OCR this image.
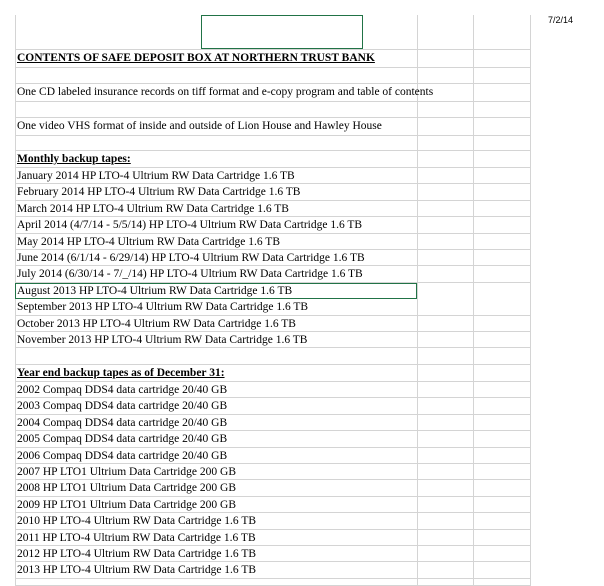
7/2/14
CONTENTS OF SAFE DEPOSIT BOX AT NORTHERN TRUST BANK
One CD labeled insurance records on tiff format and e-copy program and table of contents
One video VHS format of inside and outside of Lion House and Hawley House
Monthly backup tapes:
January 2014 HP LTO-4 Ultrium RW Data Cartridge 1.6 TB
February 2014 HP LTO-4 Ultrium RW Data Cartridge 1.6 TB
March 2014 HP LTO-4 Ultrium RW Data Cartridge 1.6 TB
April 2014 (4/7/14 - 5/5/14) HP LTO-4 Ultrium RW Data Cartridge 1.6 TB
May 2014 HP LTO-4 Ultrium RW Data Cartridge 1.6 TB
June 2014 (6/1/14 - 6/29/14) HP LTO-4 Ultrium RW Data Cartridge 1.6 TB
July 2014 (6/30/14 - 7/_/14) HP LTO-4 Ultrium RW Data Cartridge 1.6 TB
August 2013 HP LTO-4 Ultrium RW Data Cartridge 1.6 TB
September 2013 HP LTO-4 Ultrium RW Data Cartridge 1.6 TB
October 2013 HP LTO-4 Ultrium RW Data Cartridge 1.6 TB
November 2013 HP LTO-4 Ultrium RW Data Cartridge 1.6 TB
Year end backup tapes as of December 31:
2002 Compaq DDS4 data cartridge 20/40 GB
2003 Compaq DDS4 data cartridge 20/40 GB
2004 Compaq DDS4 data cartridge 20/40 GB
2005 Compaq DDS4 data cartridge 20/40 GB
2006 Compaq DDS4 data cartridge 20/40 GB
2007 HP LTO1 Ultrium Data Cartridge 200 GB
2008 HP LTO1 Ultrium Data Cartridge 200 GB
2009 HP LTO1 Ultrium Data Cartridge 200 GB
2010 HP LTO-4 Ultrium RW Data Cartridge 1.6 TB
2011 HP LTO-4 Ultrium RW Data Cartridge 1.6 TB
2012 HP LTO-4 Ultrium RW Data Cartridge 1.6 TB
2013 HP LTO-4 Ultrium RW Data Cartridge 1.6 TB
